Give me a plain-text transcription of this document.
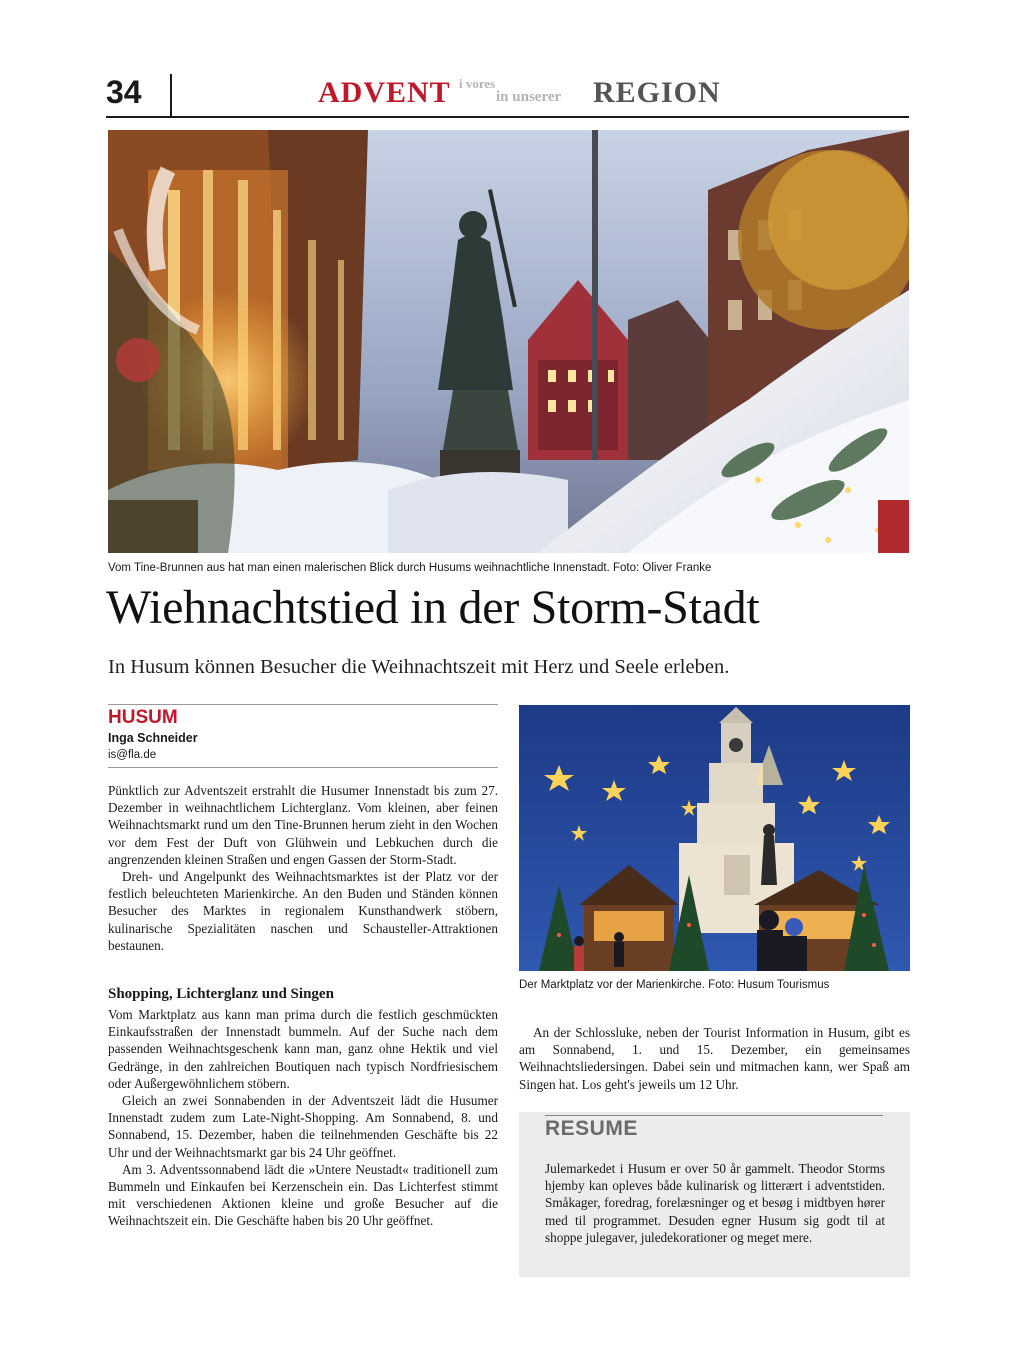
34	ADVENT i vores
in unserer REGION
Vom Tine-Brunnen aus hat man einen malerischen Blick durch Husums weihnachtliche Innenstadt. Foto: Oliver Franke
Wiehnachtstied in der Storm-Stadt
In Husum können Besucher die Weihnachtszeit mit Herz und Seele erleben.
HUSUM
Inga Schneider
is@fla.de

Pünktlich zur Adventszeit erstrahlt die Husumer Innenstadt bis zum 27. Dezember in weihnachtlichem Lichterglanz. Vom kleinen, aber feinen Weihnachtsmarkt rund um den Tine-Brunnen herum zieht in den Wochen vor dem Fest der Duft von Glühwein und Lebkuchen durch die angrenzenden kleinen Straßen und engen Gassen der Storm-Stadt.

Dreh- und Angelpunkt des Weihnachtsmarktes ist der Platz vor der festlich beleuchteten Marienkirche. An den Buden und Ständen können Besucher des Marktes in regionalem Kunsthandwerk stöbern, kulinarische Spezialitäten naschen und Schausteller-Attraktionen bestaunen.

Shopping, Lichterglanz und Singen

Vom Marktplatz aus kann man prima durch die festlich geschmückten Einkaufsstraßen der Innenstadt bummeln. Auf der Suche nach dem passenden Weihnachtsgeschenk kann man, ganz ohne Hektik und viel Gedränge, in den zahlreichen Boutiquen nach typisch Nordfriesischem oder Außergewöhnlichem stöbern.

Gleich an zwei Sonnabenden in der Adventszeit lädt die Husumer Innenstadt zudem zum Late-Night-Shopping. Am Sonnabend, 8. und Sonnabend, 15. Dezember, haben die teilnehmenden Geschäfte bis 22 Uhr und der Weihnachtsmarkt gar bis 24 Uhr geöffnet.

Am 3. Adventssonnabend lädt die »Untere Neustadt« traditionell zum Bummeln und Einkaufen bei Kerzenschein ein. Das Lichterfest stimmt mit verschiedenen Aktionen kleine und große Besucher auf die Weihnachtszeit ein. Die Geschäfte haben bis 20 Uhr geöffnet.

Der Marktplatz vor der Marienkirche. Foto: Husum Tourismus

An der Schlossluke, neben der Tourist Information in Husum, gibt es am Sonnabend, 1. und 15. Dezember, ein gemeinsames Weihnachtsliedersingen. Dabei sein und mitmachen kann, wer Spaß am Singen hat. Los geht's jeweils um 12 Uhr.

RESUME

Julemarkedet i Husum er over 50 år gammelt. Theodor Storms hjemby kan opleves både kulinarisk og litterært i adventstiden. Småkager, foredrag, forelæsninger og et besøg i midtbyen hører med til programmet. Desuden egner Husum sig godt til at shoppe julegaver, juledekorationer og meget mere.
